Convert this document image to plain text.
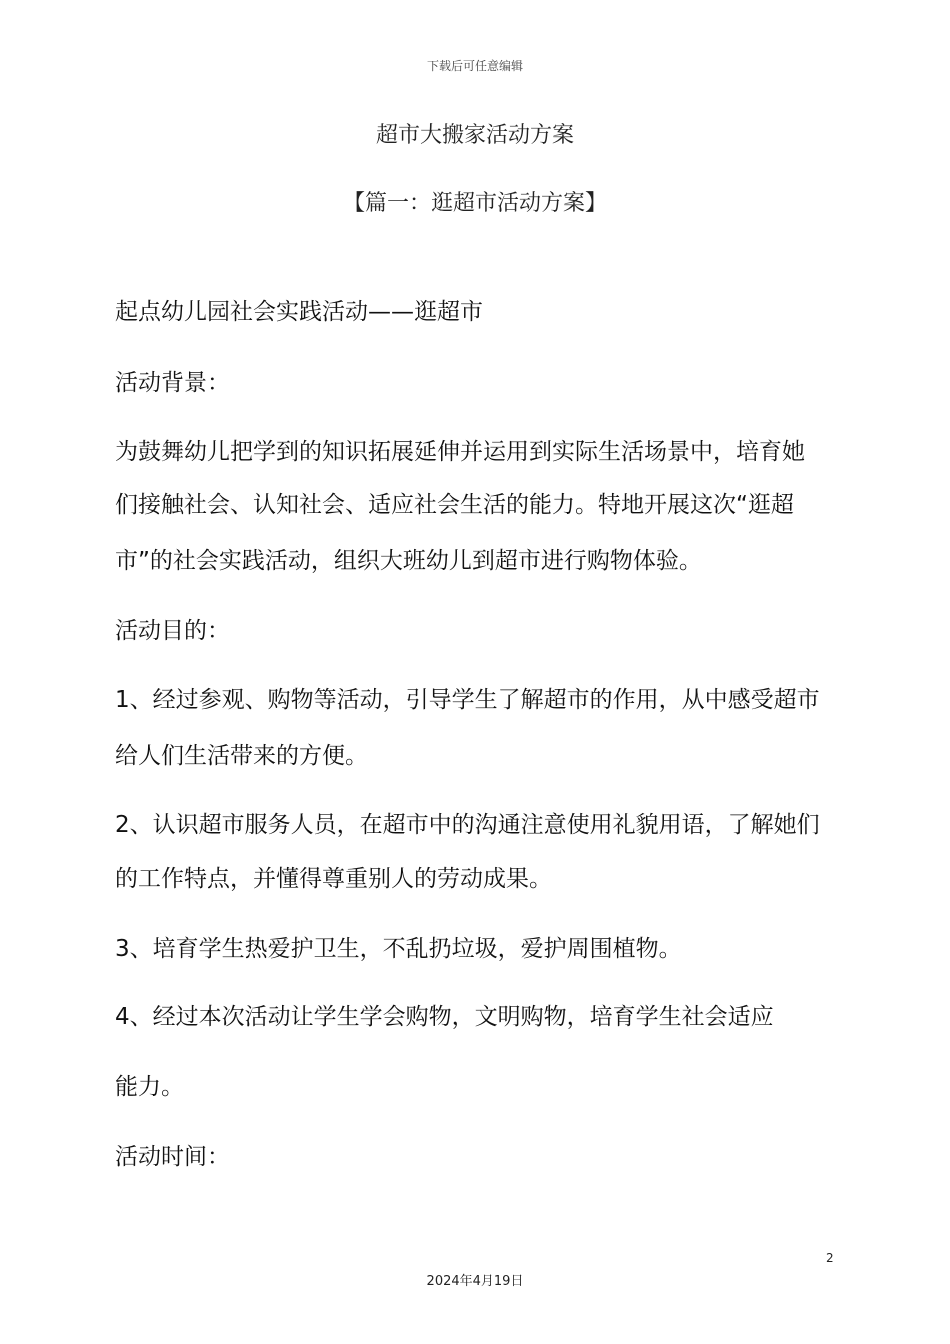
下载后可任意编辑
超市大搬家活动方案
【篇一：逛超市活动方案】
起点幼儿园社会实践活动——逛超市
活动背景：
为鼓舞幼儿把学到的知识拓展延伸并运用到实际生活场景中，培育她
们接触社会、认知社会、适应社会生活的能力。特地开展这次“逛超
市”的社会实践活动，组织大班幼儿到超市进行购物体验。
活动目的：
1、经过参观、购物等活动，引导学生了解超市的作用，从中感受超市
给人们生活带来的方便。
2、认识超市服务人员，在超市中的沟通注意使用礼貌用语，了解她们
的工作特点，并懂得尊重别人的劳动成果。
3、培育学生热爱护卫生，不乱扔垃圾，爱护周围植物。
4、经过本次活动让学生学会购物，文明购物，培育学生社会适应
能力。
活动时间：
2
2024年4月19日
